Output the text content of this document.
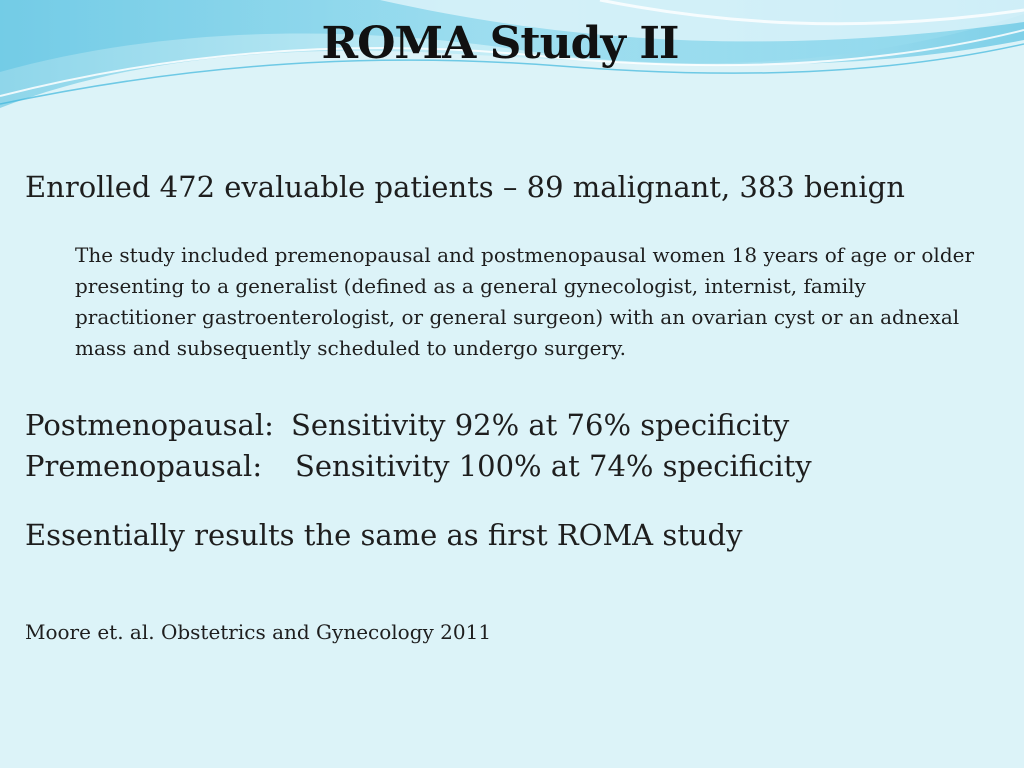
ROMA Study II

Enrolled 472 evaluable patients – 89 malignant, 383 benign

The study included premenopausal and postmenopausal women 18 years of age or older presenting to a generalist (defined as a general gynecologist, internist, family practitioner gastroenterologist, or general surgeon) with an ovarian cyst or an adnexal mass and subsequently scheduled to undergo surgery.

Postmenopausal: Sensitivity 92% at 76% specificity
Premenopausal:	Sensitivity 100% at 74% specificity

Essentially results the same as first ROMA study

Moore et. al. Obstetrics and Gynecology 2011
